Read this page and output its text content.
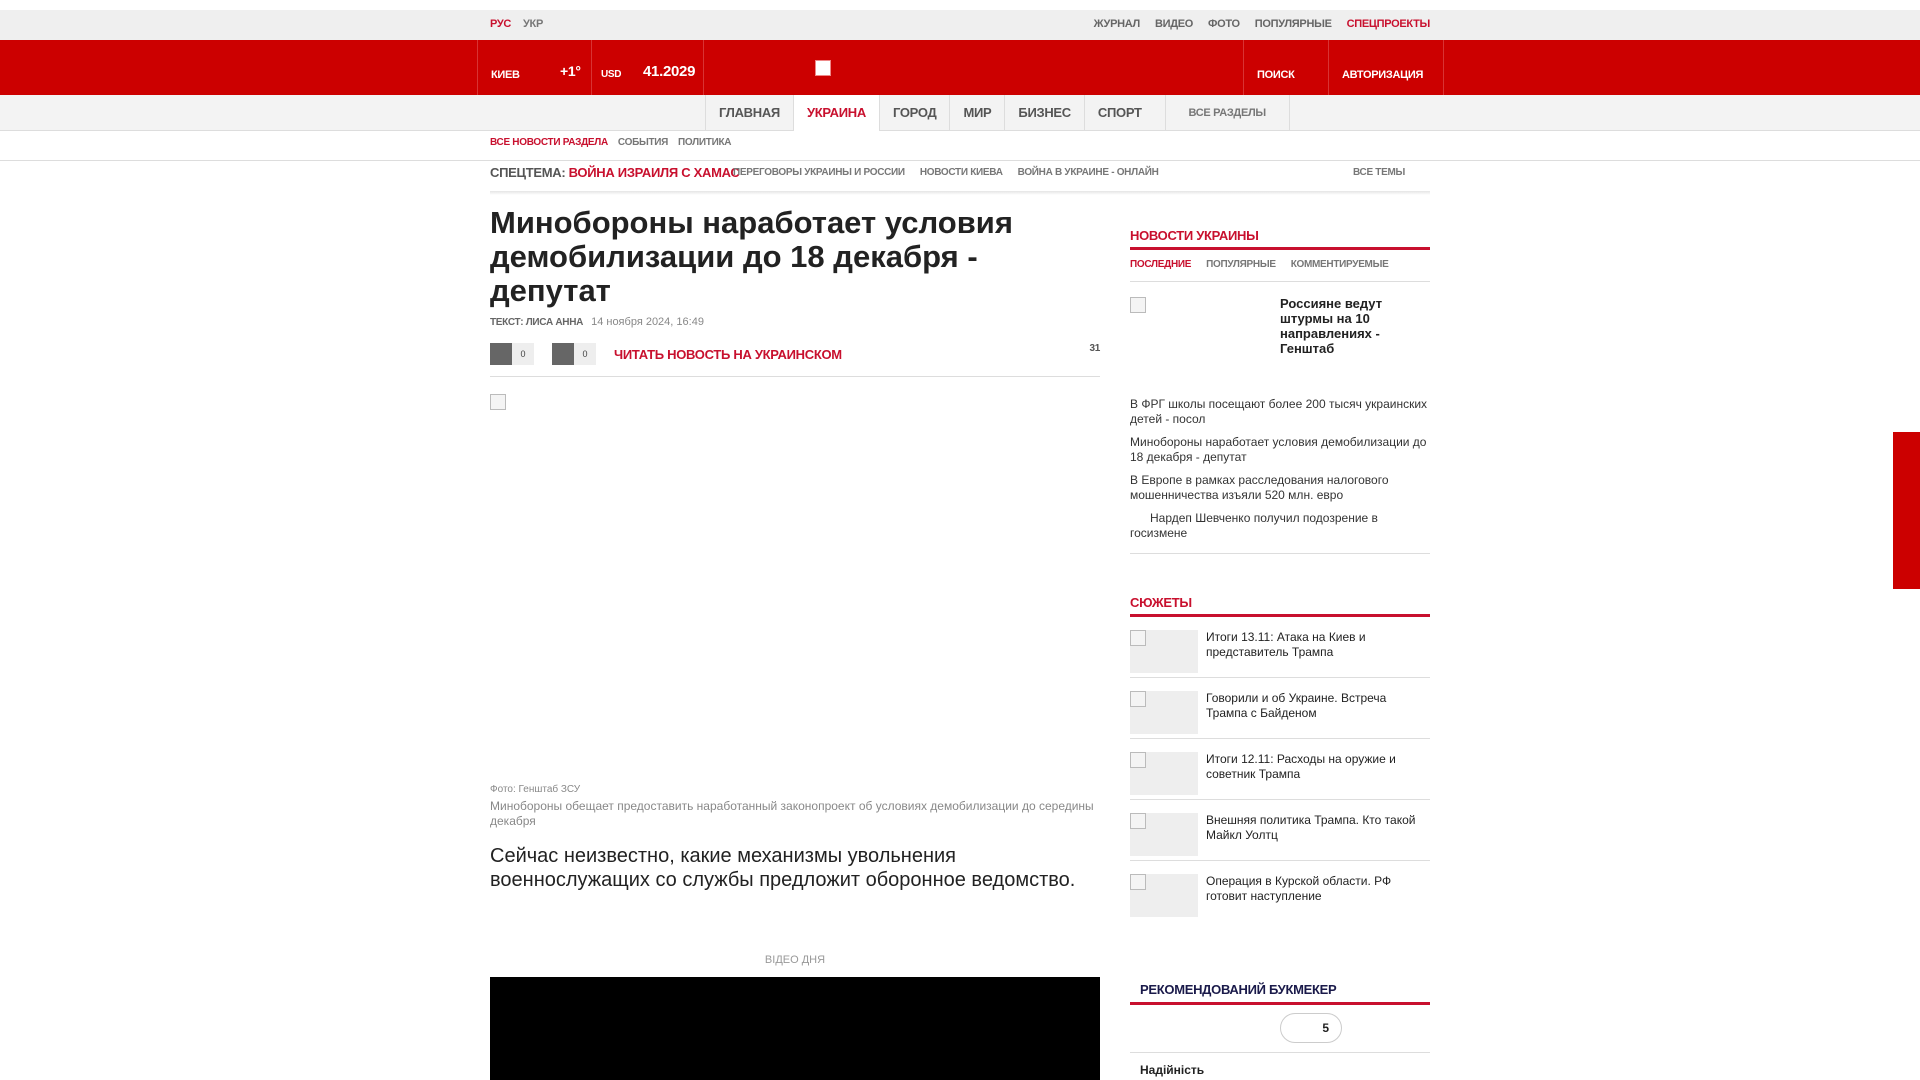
РУС УКР	ЖУРНАЛ ВИДЕО ФОТО ПОПУЛЯРНЫЕ СПЕЦПРОЕКТЫ
КИЕВ	+1° USD 41.2029	ПОИСК	АВТОРИЗАЦИЯ
ГЛАВНАЯ	УКРАИНА	ГОРОД	МИР	БИЗНЕС	СПОРТ	ВСЕ РАЗДЕЛЫ
ВСЕ НОВОСТИ РАЗДЕЛА СОБЫТИЯ ПОЛИТИКА
СПЕЦТЕМА: ВОЙНА ИЗРАИЛЯ С ХАМАС
ПЕРЕГОВОРЫ УКРАИНЫ И РОССИИ НОВОСТИ КИЕВА ВОЙНА В УКРАИНЕ - ОНЛАЙН	ВСЕ ТЕМЫ
Минобороны наработает условия демобилизации до 18 декабря - депутат
ТЕКСТ: ЛИСА АННА 14 ноября 2024, 16:49
0	0	ЧИТАТЬ НОВОСТЬ НА УКРАИНСКОМ	31
Фото: Генштаб ЗСУ
Минобороны обещает предоставить наработанный законопроект об условиях демобилизации до середины декабря

Сейчас неизвестно, какие механизмы увольнения военнослужащих со службы предложит оборонное ведомство.

ВІДЕО ДНЯ
НОВОСТИ УКРАИНЫ
ПОСЛЕДНИЕ ПОПУЛЯРНЫЕ КОММЕНТИРУЕМЫЕ
Россияне ведут штурмы на 10 направлениях - Генштаб
В ФРГ школы посещают более 200 тысяч украинских детей - посол
Минобороны наработает условия демобилизации до 18 декабря - депутат
В Европе в рамках расследования налогового мошенничества изъяли 520 млн. евро
Нардеп Шевченко получил подозрение в госизмене
СЮЖЕТЫ
Итоги 13.11: Атака на Киев и представитель Трампа
Говорили и об Украине. Встреча Трампа с Байденом
Итоги 12.11: Расходы на оружие и советник Трампа
Внешняя политика Трампа. Кто такой Майкл Уолтц
Операция в Курской области. РФ готовит наступление
РЕКОМЕНДОВАНИЙ БУКМЕКЕР
5
Надійність
